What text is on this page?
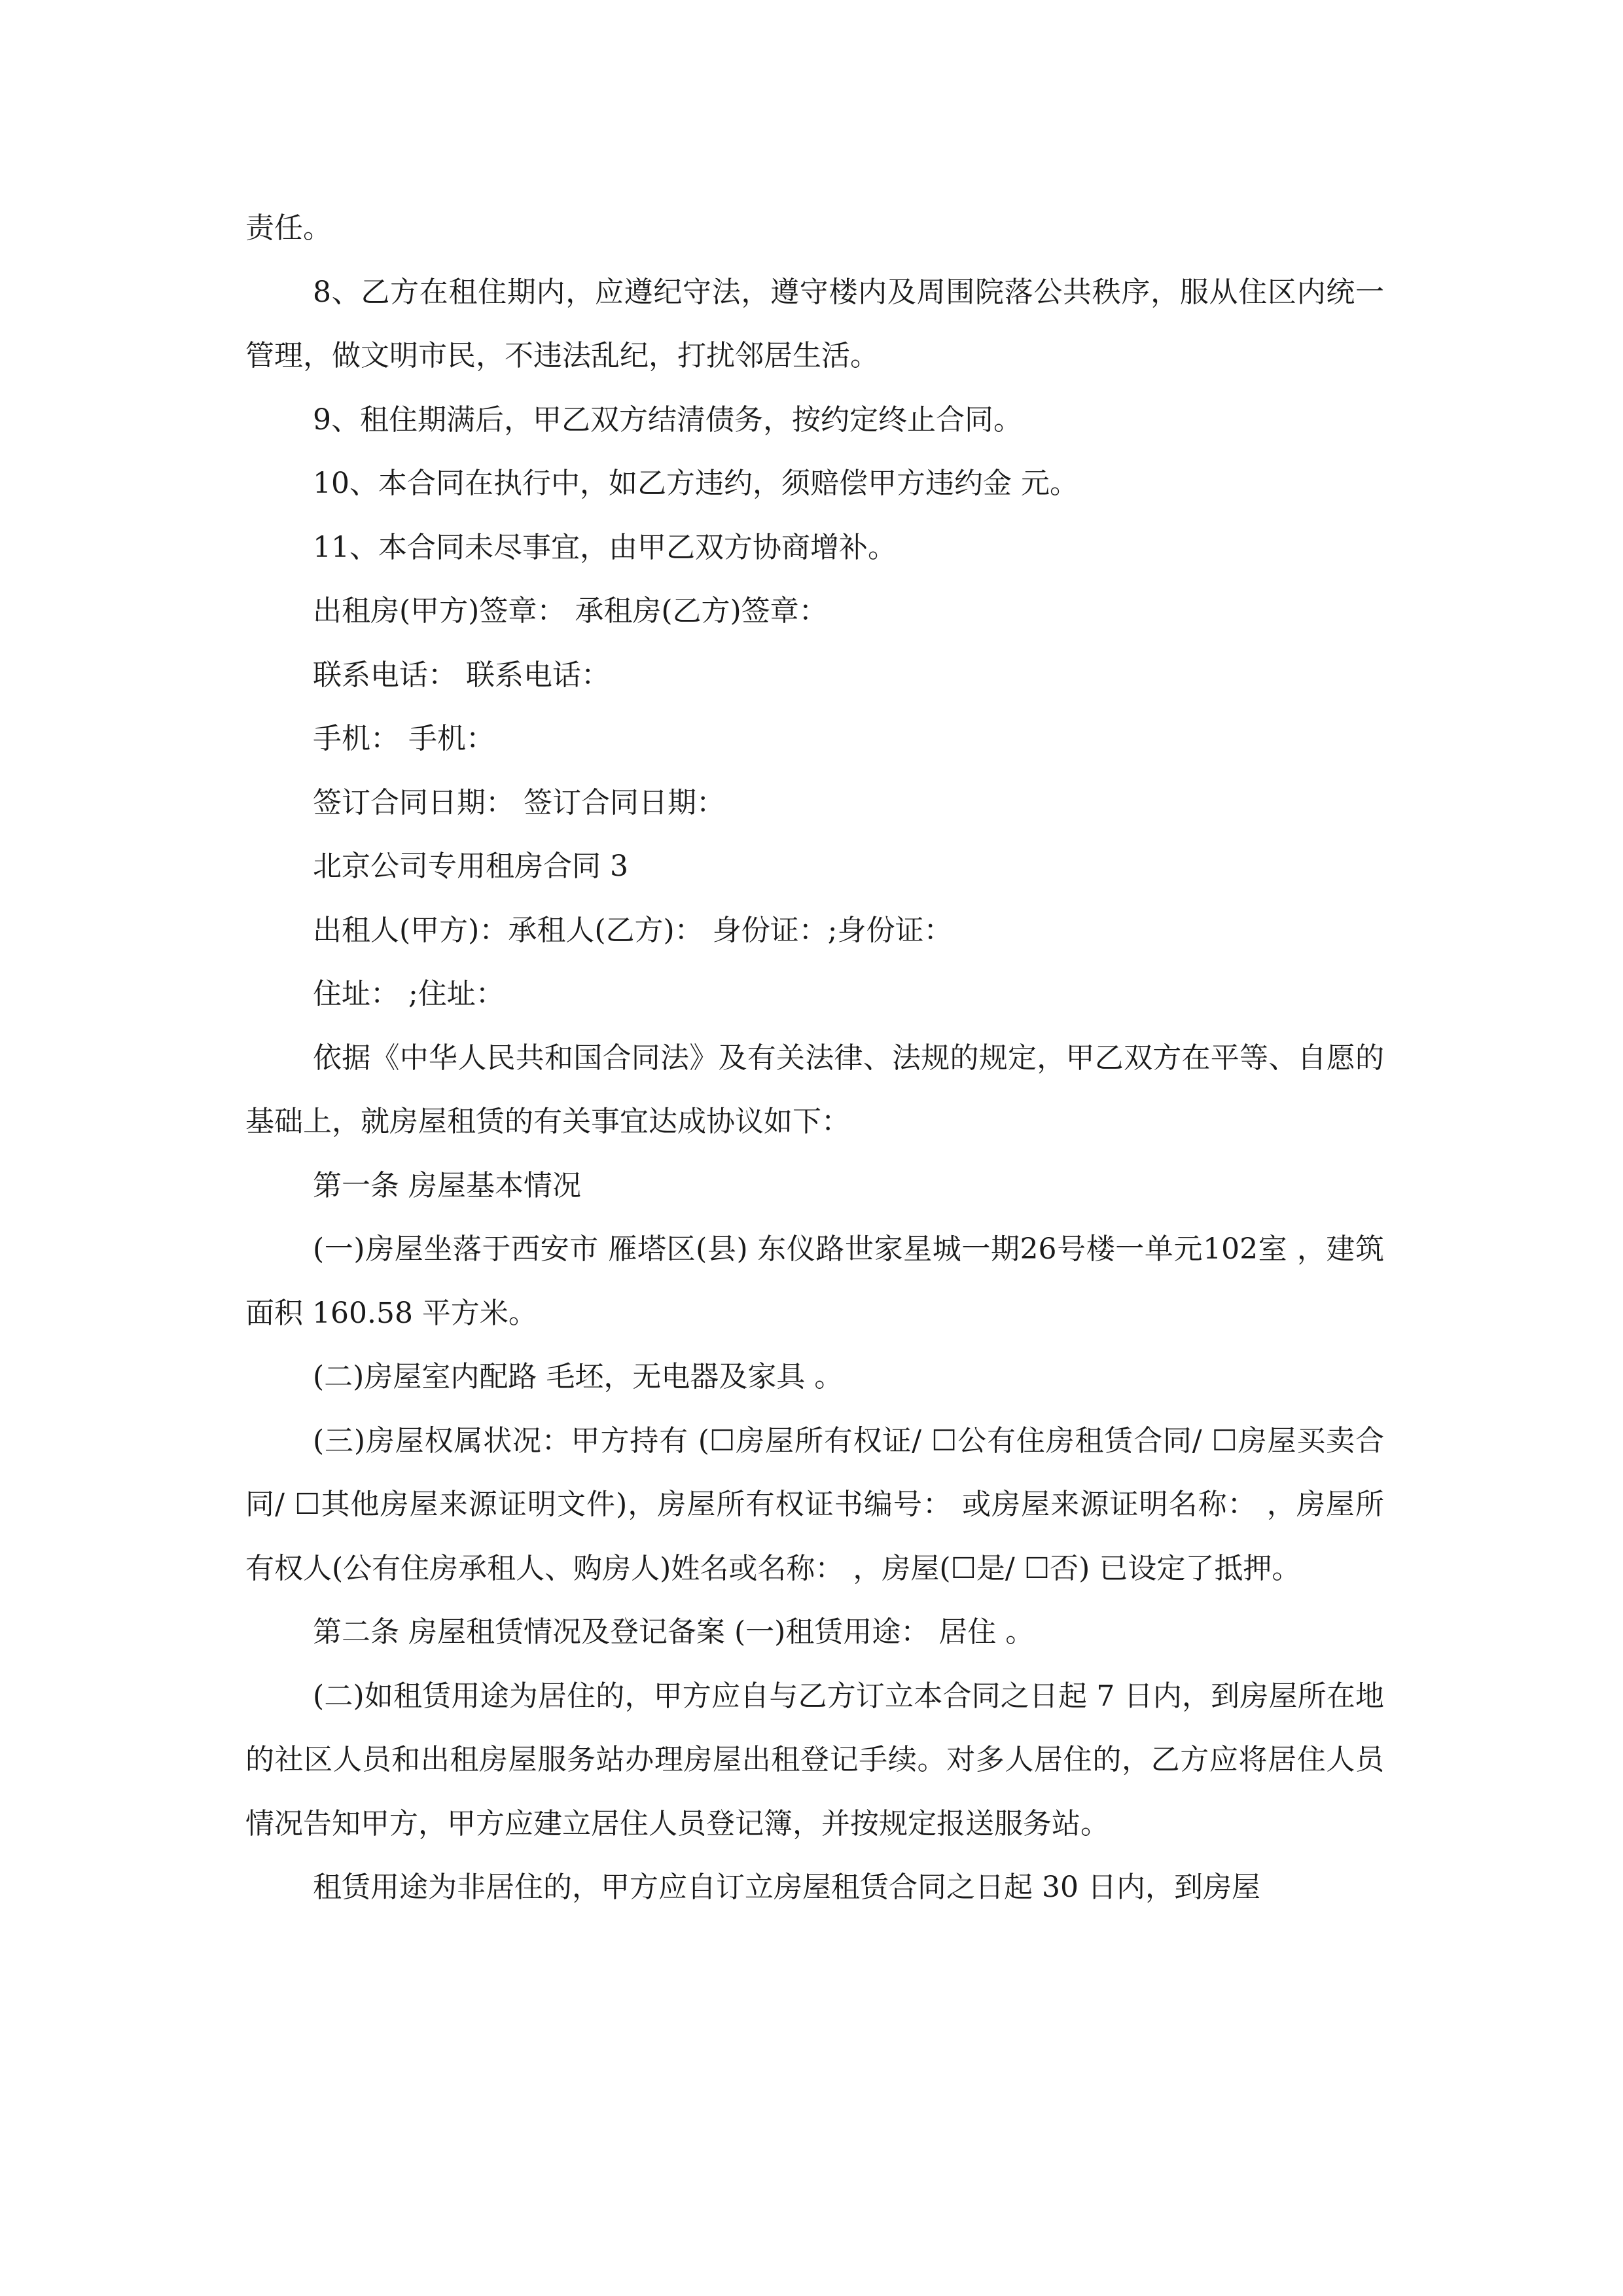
责任。

8、乙方在租住期内，应遵纪守法，遵守楼内及周围院落公共秩序，服从住区内统一管理，做文明市民，不违法乱纪，打扰邻居生活。

9、租住期满后，甲乙双方结清债务，按约定终止合同。

10、本合同在执行中，如乙方违约，须赔偿甲方违约金 元。

11、本合同未尽事宜，由甲乙双方协商增补。

出租房(甲方)签章： 承租房(乙方)签章：

联系电话： 联系电话：

手机： 手机：

签订合同日期： 签订合同日期：

北京公司专用租房合同 3

出租人(甲方)：承租人(乙方)： 身份证：;身份证：

住址： ;住址：

依据《中华人民共和国合同法》及有关法律、法规的规定，甲乙双方在平等、自愿的基础上，就房屋租赁的有关事宜达成协议如下：

第一条 房屋基本情况

(一)房屋坐落于西安市 雁塔区(县) 东仪路世家星城一期26号楼一单元102室 ，建筑面积 160.58 平方米。

(二)房屋室内配路 毛坯，无电器及家具 。

(三)房屋权属状况：甲方持有 (☐房屋所有权证/ ☐公有住房租赁合同/ ☐房屋买卖合同/ ☐其他房屋来源证明文件)，房屋所有权证书编号： 或房屋来源证明名称： ，房屋所有权人(公有住房承租人、购房人)姓名或名称： ，房屋(☐是/ ☐否) 已设定了抵押。

第二条 房屋租赁情况及登记备案 (一)租赁用途： 居住 。

(二)如租赁用途为居住的，甲方应自与乙方订立本合同之日起 7 日内，到房屋所在地的社区人员和出租房屋服务站办理房屋出租登记手续。对多人居住的，乙方应将居住人员情况告知甲方，甲方应建立居住人员登记簿，并按规定报送服务站。

租赁用途为非居住的，甲方应自订立房屋租赁合同之日起 30 日内，到房屋
